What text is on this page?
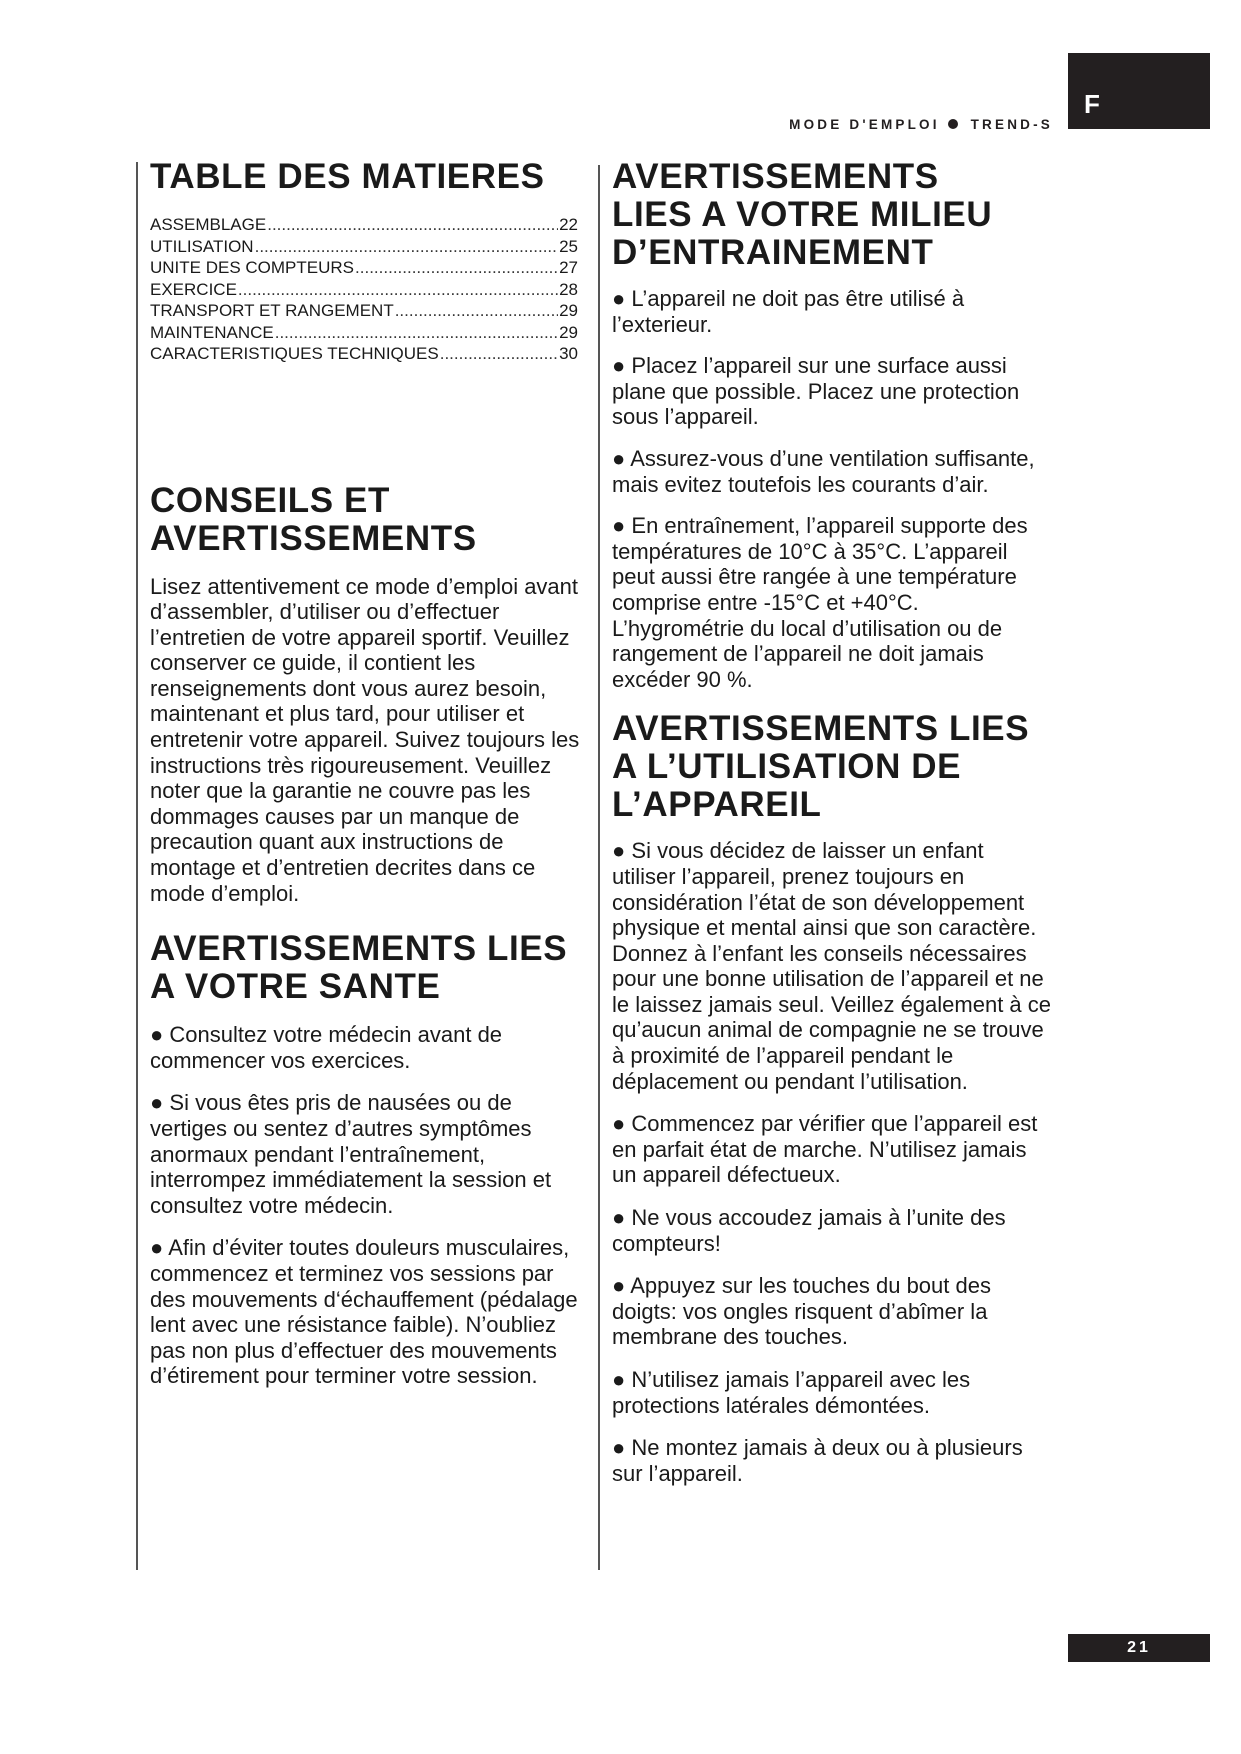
F
MODE D'EMPLOI TREND-S
TABLE DES MATIERES
ASSEMBLAGE .....	22
UTILISATION .....	25
UNITE DES COMPTEURS .....	27
EXERCICE .....	28
TRANSPORT ET RANGEMENT .....	29
MAINTENANCE .....	29
CARACTERISTIQUES TECHNIQUES .....	30
CONSEILS ET
AVERTISSEMENTS

Lisez attentivement ce mode d’emploi avant d’assembler, d’utiliser ou d’effectuer l’entretien de votre appareil sportif. Veuillez conserver ce guide, il contient les renseignements dont vous aurez besoin, maintenant et plus tard, pour utiliser et entretenir votre appareil. Suivez toujours les instructions très rigoureusement. Veuillez noter que la garantie ne couvre pas les dommages causes par un manque de precaution quant aux instructions de montage et d’entretien decrites dans ce mode d’emploi.

AVERTISSEMENTS LIES
A VOTRE SANTE

● Consultez votre médecin avant de commencer vos exercices.

● Si vous êtes pris de nausées ou de vertiges ou sentez d’autres symptômes anormaux pendant l’entraînement, interrompez immédiatement la session et consultez votre médecin.

● Afin d’éviter toutes douleurs musculaires, commencez et terminez vos sessions par des mouvements d‘échauffement (pédalage lent avec une résistance faible). N’oubliez pas non plus d’effectuer des mouvements d’étirement pour terminer votre session.

AVERTISSEMENTS
LIES A VOTRE MILIEU
D’ENTRAINEMENT

● L’appareil ne doit pas être utilisé à l’exterieur.

● Placez l’appareil sur une surface aussi plane que possible. Placez une protection sous l’appareil.

● Assurez-vous d’une ventilation suffisante, mais evitez toutefois les courants d’air.

● En entraînement, l’appareil supporte des températures de 10°C à 35°C. L’appareil peut aussi être rangée à une température comprise entre -15°C et +40°C. L’hygrométrie du local d’utilisation ou de rangement de l’appareil ne doit jamais excéder 90 %.

AVERTISSEMENTS LIES
A L’UTILISATION DE
L’APPAREIL

● Si vous décidez de laisser un enfant utiliser l’appareil, prenez toujours en considération l’état de son développement physique et mental ainsi que son caractère. Donnez à l’enfant les conseils nécessaires pour une bonne utilisation de l’appareil et ne le laissez jamais seul. Veillez également à ce qu’aucun animal de compagnie ne se trouve à proximité de l’appareil pendant le déplacement ou pendant l’utilisation.

● Commencez par vérifier que l’appareil est en parfait état de marche. N’utilisez jamais un appareil défectueux.

● Ne vous accoudez jamais à l’unite des compteurs!

● Appuyez sur les touches du bout des doigts: vos ongles risquent d’abîmer la membrane des touches.

● N’utilisez jamais l’appareil avec les protections latérales démontées.

● Ne montez jamais à deux ou à plusieurs sur l’appareil.

21
